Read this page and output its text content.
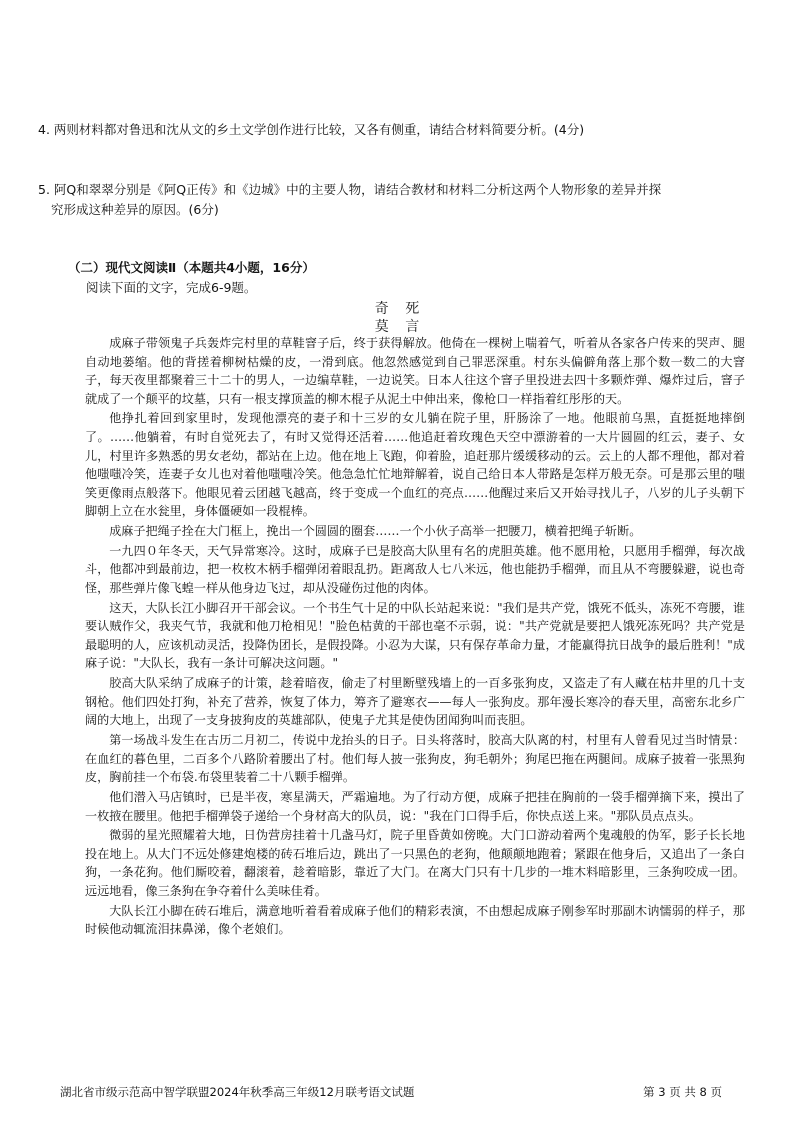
4. 两则材料都对鲁迅和沈从文的乡土文学创作进行比较，又各有侧重，请结合材料简要分析。(4分)
5. 阿Q和翠翠分别是《阿Q正传》和《边城》中的主要人物，请结合教材和材料二分析这两个人物形象的差异并探
究形成这种差异的原因。(6分)
（二）现代文阅读Ⅱ（本题共4小题，16分）
阅读下面的文字，完成6-9题。
奇 死
莫 言

成麻子带领鬼子兵轰炸完村里的草鞋窨子后，终于获得解放。他倚在一棵树上喘着气，听着从各家各户传来的哭声、腿自动地蒌缩。他的背搓着柳树枯燥的皮，一滑到底。他忽然感觉到自己罪恶深重。村东头偏僻角落上那个数一数二的大窨子，每天夜里都聚着三十二十的男人，一边编草鞋，一边说笑。日本人往这个窨子里投进去四十多颗炸弹、爆炸过后，窨子就成了一个颠平的坟墓，只有一根支撑顶盖的柳木棍子从泥土中伸出来，像枪口一样指着红彤彤的天。

他挣扎着回到家里时，发现他漂亮的妻子和十三岁的女儿躺在院子里，肝肠涂了一地。他眼前乌黑，直挺挺地摔倒了。……他躺着，有时自觉死去了，有时又觉得还活着……他追赶着玫瑰色天空中漂游着的一大片圆圆的红云，妻子、女儿，村里许多熟悉的男女老幼，都站在上边。他在地上飞跑，仰着脸，追赶那片缓缓移动的云。云上的人都不理他，都对着他嗤嗤冷笑，连妻子女儿也对着他嗤嗤冷笑。他急急忙忙地辩解着，说自己给日本人带路是怎样万般无奈。可是那云里的嗤笑更像雨点般落下。他眼见着云团越飞越高，终于变成一个血红的亮点……他醒过来后又开始寻找儿子，八岁的儿子头朝下脚朝上立在水瓮里，身体僵硬如一段棍棒。

成麻子把绳子拴在大门框上，挽出一个圆圆的圈套……一个小伙子高举一把腰刀，横着把绳子斩断。

一九四０年冬天，天气异常寒冷。这时，成麻子已是胶高大队里有名的虎胆英雄。他不愿用枪，只愿用手榴弹，每次战斗，他都冲到最前边，把一枚枚木柄手榴弹闭着眼乱扔。距离敌人七八米远，他也能扔手榴弹，而且从不弯腰躲避，说也奇怪，那些弹片像飞蝗一样从他身边飞过，却从没碰伤过他的肉体。

这天，大队长江小脚召开干部会议。一个书生气十足的中队长站起来说："我们是共产党，饿死不低头，冻死不弯腰，谁要认贼作父，我夹气节，我就和他刀枪相见！"脸色枯黄的干部也毫不示弱，说："共产党就是要把人饿死冻死吗？共产党是最聪明的人，应该机动灵活，投降伪团长，是假投降。小忍为大谋，只有保存革命力量，才能赢得抗日战争的最后胜利！"成麻子说："大队长，我有一条计可解决这问题。"

胶高大队采纳了成麻子的计策，趁着暗夜，偷走了村里断壁残墙上的一百多张狗皮，又盗走了有人藏在枯井里的几十支钢枪。他们四处打狗，补充了营养，恢复了体力，筹齐了避寒衣——每人一张狗皮。那年漫长寒冷的春天里，高密东北乡广阔的大地上，出现了一支身披狗皮的英雄部队，使鬼子尤其是使伪团闻狗叫而丧胆。

第一场战斗发生在古历二月初二，传说中龙抬头的日子。日头将落时，胶高大队离的村，村里有人曾看见过当时情景：在血红的暮色里，二百多个八路阶着腰出了村。他们每人披一张狗皮，狗毛朝外；狗尾巴拖在两腿间。成麻子披着一张黑狗皮，胸前挂一个布袋.布袋里装着二十八颗手榴弹。

他们潜入马店镇时，已是半夜，寒星满天，严霜遍地。为了行动方便，成麻子把挂在胸前的一袋手榴弹摘下来，摸出了一枚掖在腰里。他把手榴弹袋子递给一个身材高大的队员，说："我在门口得手后，你快点送上来。"那队员点点头。

微弱的星光照耀着大地，日伪营房挂着十几盏马灯，院子里昏黄如傍晚。大门口游动着两个鬼魂般的伪军，影子长长地投在地上。从大门不远处修建炮楼的砖石堆后边，跳出了一只黑色的老狗，他颠颠地跑着；紧跟在他身后，又追出了一条白狗，一条花狗。他们厮咬着，翻滚着，趁着暗影，靠近了大门。在离大门只有十几步的一堆木料暗影里，三条狗咬成一团。远远地看，像三条狗在争夺着什么美味佳肴。

大队长江小脚在砖石堆后，满意地听着看着成麻子他们的精彩表演，不由想起成麻子刚参军时那副木讷懦弱的样子，那时候他动辄流泪抹鼻涕，像个老娘们。

湖北省市级示范高中智学联盟2024年秋季高三年级12月联考语文试题	第 3 页 共 8 页
